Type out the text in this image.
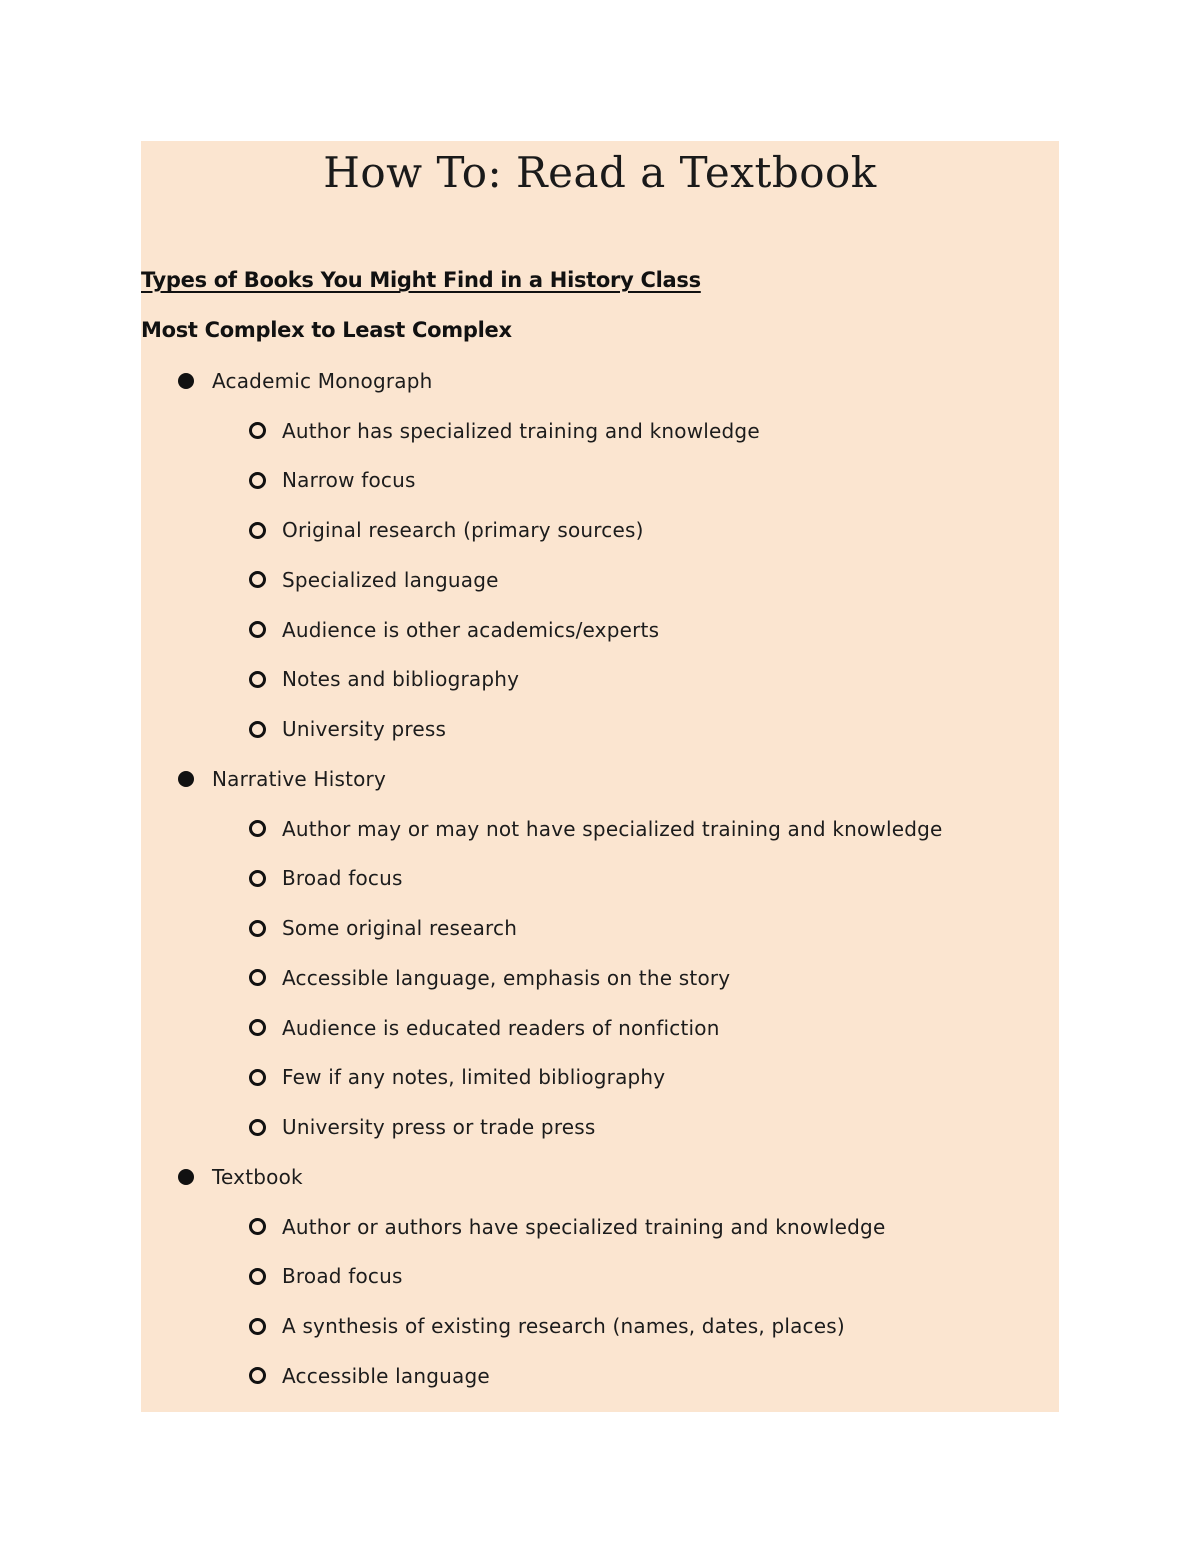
How To: Read a Textbook
Types of Books You Might Find in a History Class
Most Complex to Least Complex
Academic Monograph
Author has specialized training and knowledge
Narrow focus
Original research (primary sources)
Specialized language
Audience is other academics/experts
Notes and bibliography
University press
Narrative History
Author may or may not have specialized training and knowledge
Broad focus
Some original research
Accessible language, emphasis on the story
Audience is educated readers of nonfiction
Few if any notes, limited bibliography
University press or trade press
Textbook
Author or authors have specialized training and knowledge
Broad focus
A synthesis of existing research (names, dates, places)
Accessible language
